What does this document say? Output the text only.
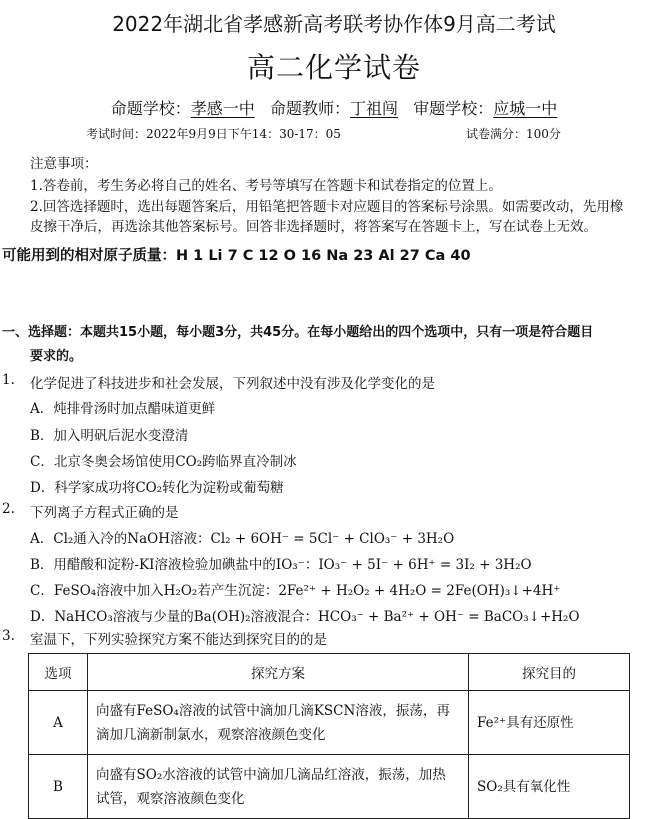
2022年湖北省孝感新高考联考协作体9月高二考试
高二化学试卷
命题学校：孝感一中 命题教师：丁祖闯 审题学校：应城一中
考试时间：2022年9月9日下午14：30-17：05	试卷满分：100分
注意事项：
1.答卷前，考生务必将自己的姓名、考号等填写在答题卡和试卷指定的位置上。
2.回答选择题时，选出每题答案后，用铅笔把答题卡对应题目的答案标号涂黑。如需要改动，先用橡
皮擦干净后，再选涂其他答案标号。回答非选择题时，将答案写在答题卡上，写在试卷上无效。
可能用到的相对原子质量：H 1 Li 7 C 12 O 16 Na 23 Al 27 Ca 40
一、选择题：本题共15小题，每小题3分，共45分。在每小题给出的四个选项中，只有一项是符合题目
要求的。
1. 化学促进了科技进步和社会发展，下列叙述中没有涉及化学变化的是
A．炖排骨汤时加点醋味道更鲜
B．加入明矾后泥水变澄清
C．北京冬奥会场馆使用CO₂跨临界直冷制冰
D．科学家成功将CO₂转化为淀粉或葡萄糖
2. 下列离子方程式正确的是
A．Cl₂通入冷的NaOH溶液：Cl₂ + 6OH⁻ = 5Cl⁻ + ClO₃⁻ + 3H₂O
B．用醋酸和淀粉-KI溶液检验加碘盐中的IO₃⁻：IO₃⁻ + 5I⁻ + 6H⁺ = 3I₂ + 3H₂O
C．FeSO₄溶液中加入H₂O₂若产生沉淀：2Fe²⁺ + H₂O₂ + 4H₂O = 2Fe(OH)₃↓+4H⁺
D．NaHCO₃溶液与少量的Ba(OH)₂溶液混合：HCO₃⁻ + Ba²⁺ + OH⁻ = BaCO₃↓+H₂O
3. 室温下，下列实验探究方案不能达到探究目的的是
选项	探究方案	探究目的
A	向盛有FeSO₄溶液的试管中滴加几滴KSCN溶液，振荡，再
滴加几滴新制氯水，观察溶液颜色变化	Fe²⁺具有还原性
B	向盛有SO₂水溶液的试管中滴加几滴品红溶液，振荡，加热
试管，观察溶液颜色变化	SO₂具有氧化性
